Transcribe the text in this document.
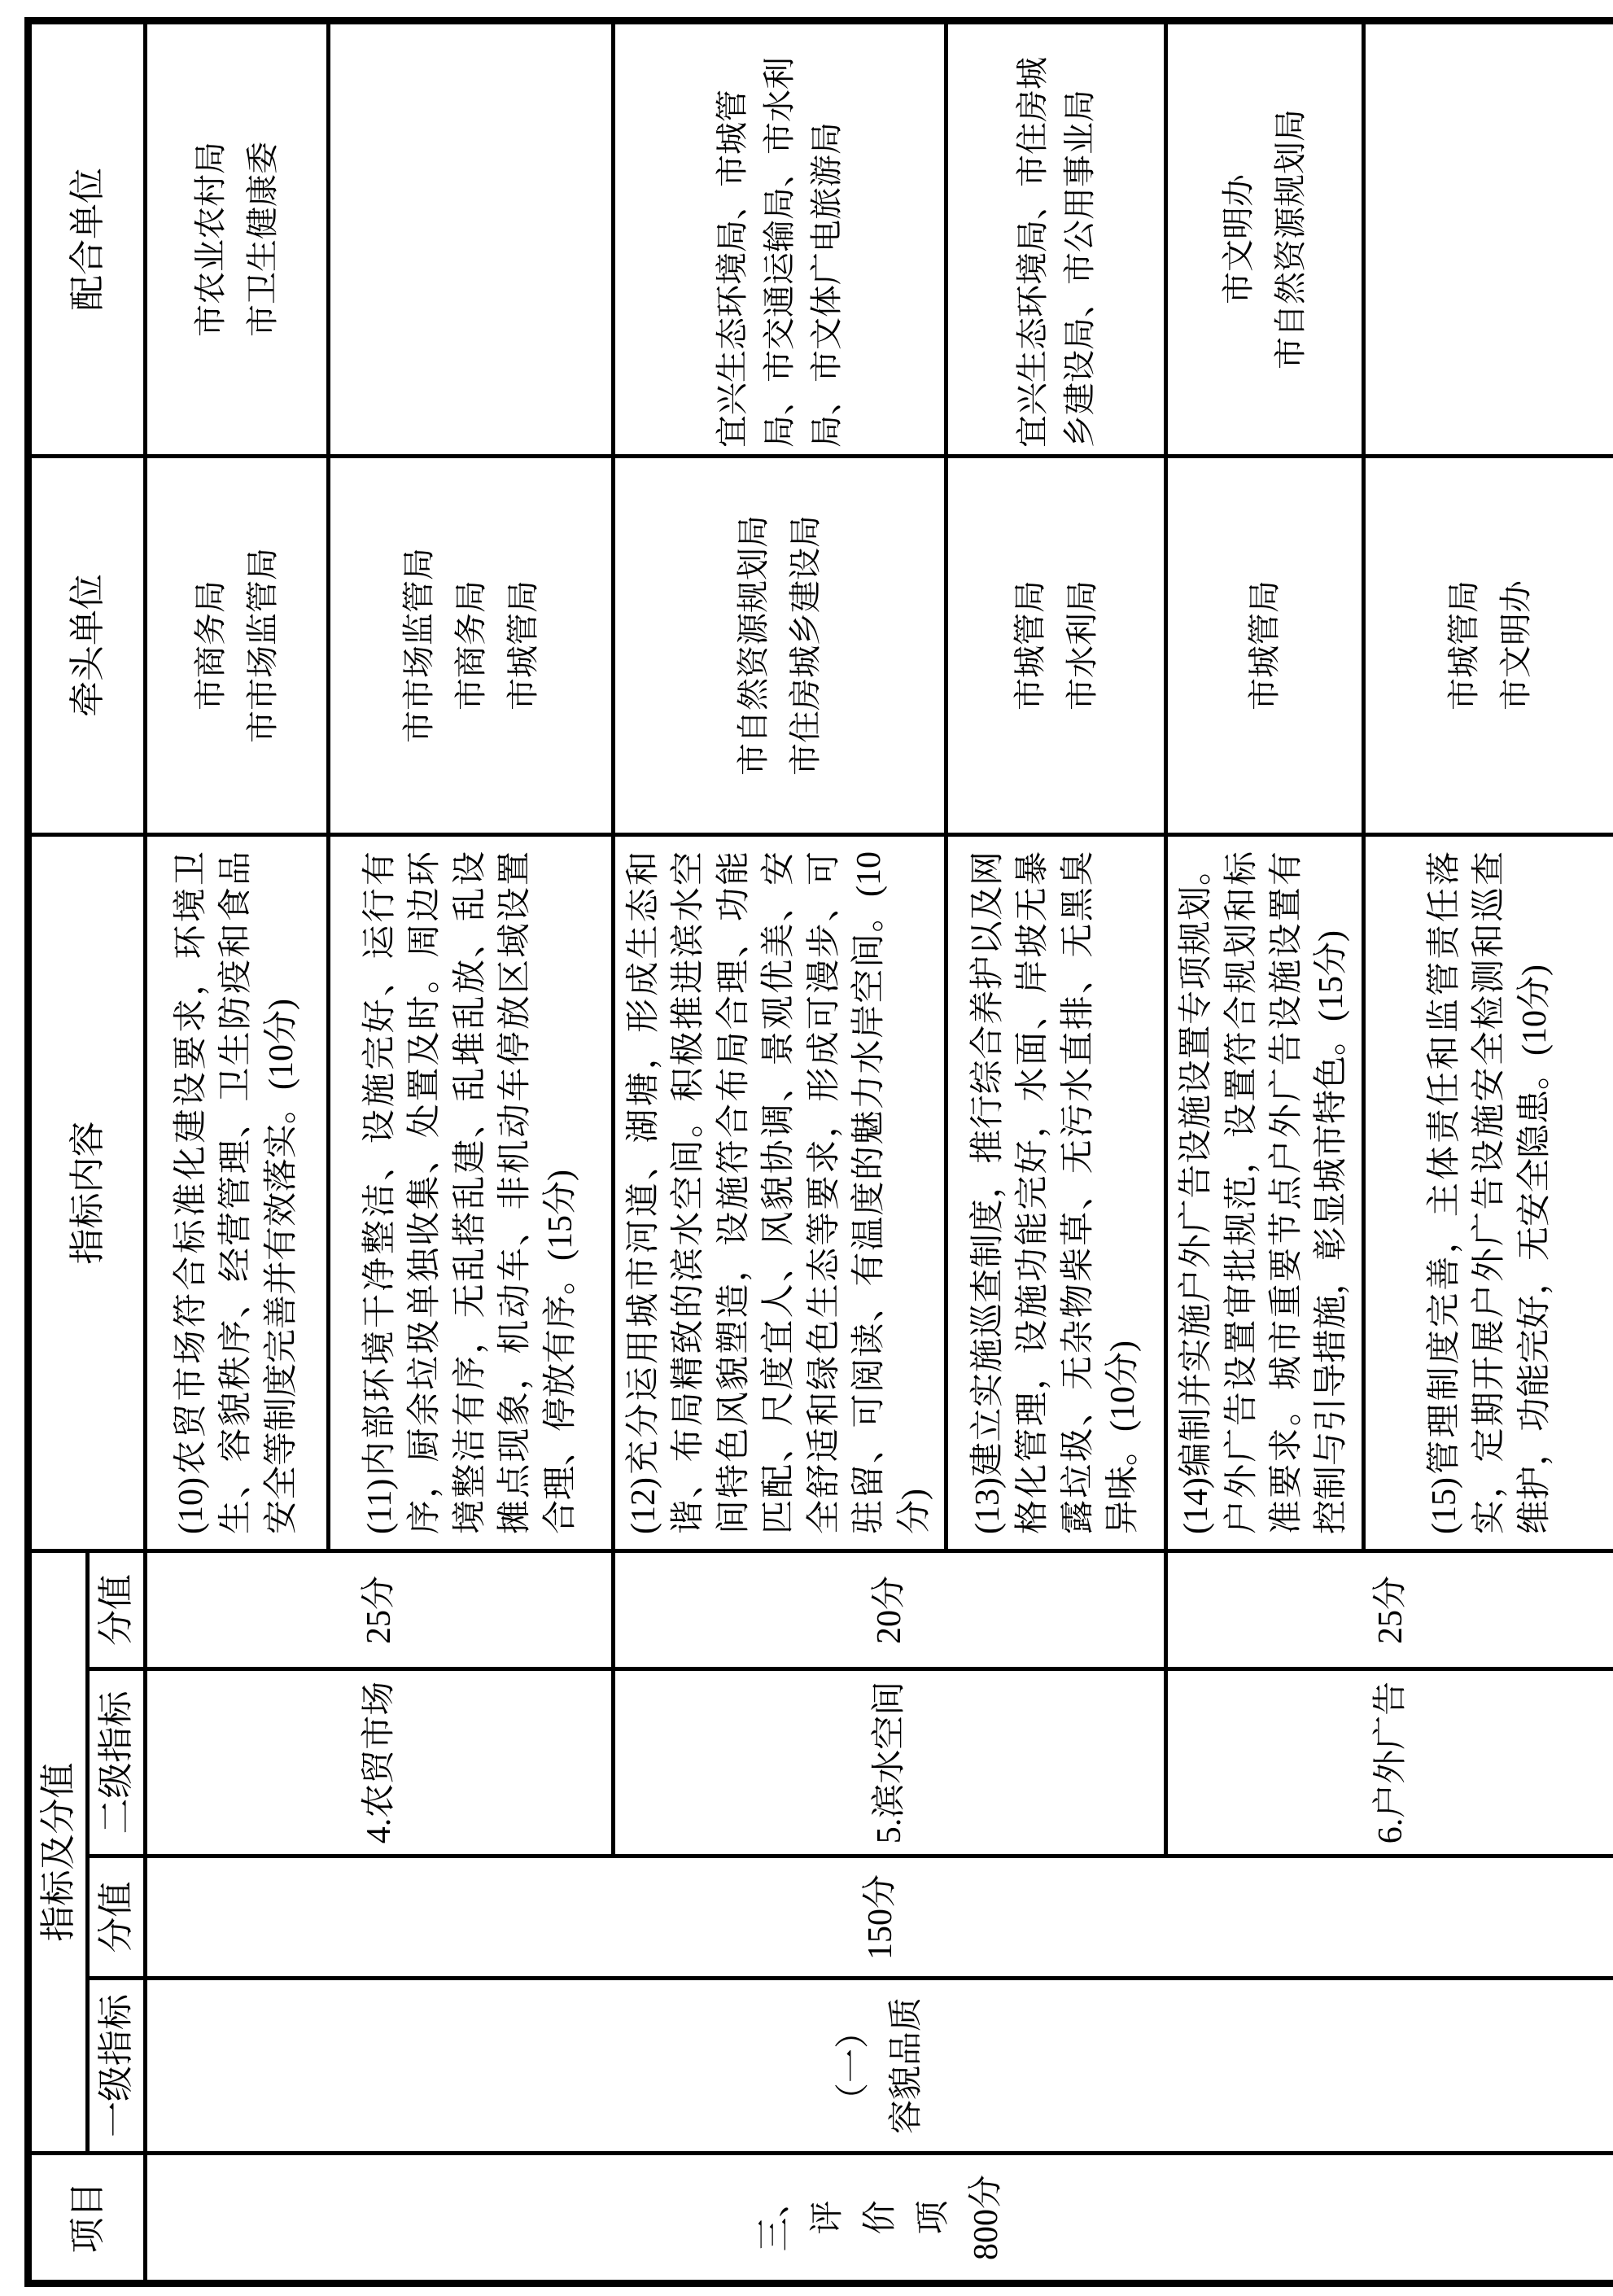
项目	指标及分值				指标内容	牵头单位	配合单位
	一级指标	分值	二级指标	分值			
三、 评 价 项 800分	（一） 容貌品质	150分	4.农贸市场	25分	(10)农贸市场符合标准化建设要求，环境卫生、容貌秩序、经营管理、卫生防疫和食品安全等制度完善并有效落实。(10分)	市商务局 市市场监管局	市农业农村局 市卫生健康委
					(11)内部环境干净整洁、设施完好、运行有序，厨余垃圾单独收集、处置及时。周边环境整洁有序，无乱搭乱建、乱堆乱放、乱设摊点现象，机动车、非机动车停放区域设置合理、停放有序。(15分)	市市场监管局 市商务局 市城管局	
			5.滨水空间	20分	(12)充分运用城市河道、湖塘，形成生态和谐、布局精致的滨水空间。积极推进滨水空间特色风貌塑造，设施符合布局合理、功能匹配、尺度宜人、风貌协调、景观优美、安全舒适和绿色生态等要求，形成可漫步、可驻留、可阅读、有温度的魅力水岸空间。(10分)	市自然资源规划局 市住房城乡建设局	宜兴生态环境局、市城管局、市交通运输局、市水利局、市文体广电旅游局
					(13)建立实施巡查制度，推行综合养护以及网格化管理，设施功能完好，水面、岸坡无暴露垃圾、无杂物柴草、无污水直排、无黑臭异味。(10分)	市城管局 市水利局	宜兴生态环境局、市住房城乡建设局、市公用事业局
			6.户外广告	25分	(14)编制并实施户外广告设施设置专项规划。户外广告设置审批规范，设置符合规划和标准要求。城市重要节点户外广告设施设置有控制与引导措施，彰显城市特色。(15分)	市城管局	市文明办 市自然资源规划局
					(15)管理制度完善，主体责任和监管责任落实，定期开展户外广告设施安全检测和巡查维护，功能完好，无安全隐患。(10分)	市城管局 市文明办	
